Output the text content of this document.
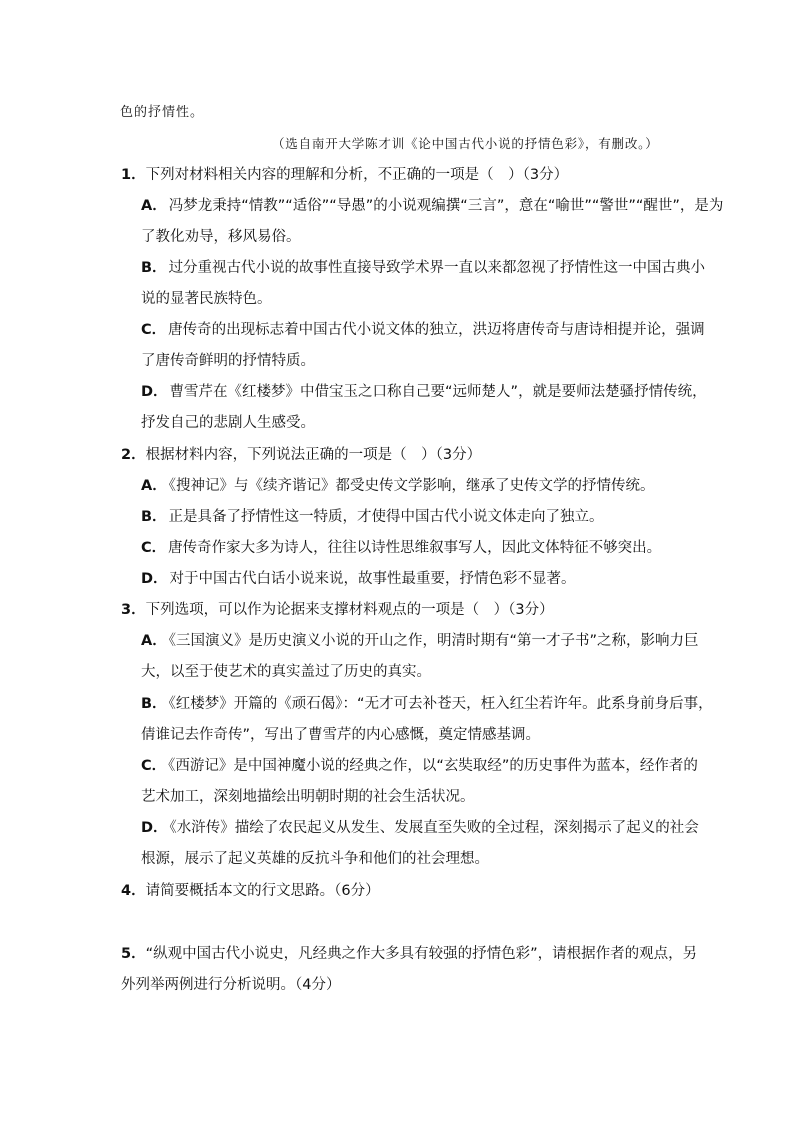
色的抒情性。
（选自南开大学陈才训《论中国古代小说的抒情色彩》，有删改。）
1．下列对材料相关内容的理解和分析，不正确的一项是（　）（3分）
A． 冯梦龙秉持“情教”“适俗”“导愚”的小说观编撰“三言”，意在“喻世”“警世”“醒世”，是为
了教化劝导，移风易俗。
B． 过分重视古代小说的故事性直接导致学术界一直以来都忽视了抒情性这一中国古典小
说的显著民族特色。
C． 唐传奇的出现标志着中国古代小说文体的独立，洪迈将唐传奇与唐诗相提并论，强调
了唐传奇鲜明的抒情特质。
D． 曹雪芹在《红楼梦》中借宝玉之口称自己要“远师楚人”，就是要师法楚骚抒情传统，
抒发自己的悲剧人生感受。
2．根据材料内容，下列说法正确的一项是（　）（3分）
A． 《搜神记》与《续齐谐记》都受史传文学影响，继承了史传文学的抒情传统。
B． 正是具备了抒情性这一特质，才使得中国古代小说文体走向了独立。
C． 唐传奇作家大多为诗人，往往以诗性思维叙事写人，因此文体特征不够突出。
D． 对于中国古代白话小说来说，故事性最重要，抒情色彩不显著。
3．下列选项，可以作为论据来支撑材料观点的一项是（　）（3分）
A． 《三国演义》是历史演义小说的开山之作，明清时期有“第一才子书”之称，影响力巨
大，以至于使艺术的真实盖过了历史的真实。
B． 《红楼梦》开篇的《顽石偈》：“无才可去补苍天，枉入红尘若许年。此系身前身后事，
倩谁记去作奇传”，写出了曹雪芹的内心感慨，奠定情感基调。
C． 《西游记》是中国神魔小说的经典之作，以“玄奘取经”的历史事件为蓝本，经作者的
艺术加工，深刻地描绘出明朝时期的社会生活状况。
D． 《水浒传》描绘了农民起义从发生、发展直至失败的全过程，深刻揭示了起义的社会
根源，展示了起义英雄的反抗斗争和他们的社会理想。
4．请简要概括本文的行文思路。（6分）
5．“纵观中国古代小说史，凡经典之作大多具有较强的抒情色彩”，请根据作者的观点，另
外列举两例进行分析说明。（4分）
